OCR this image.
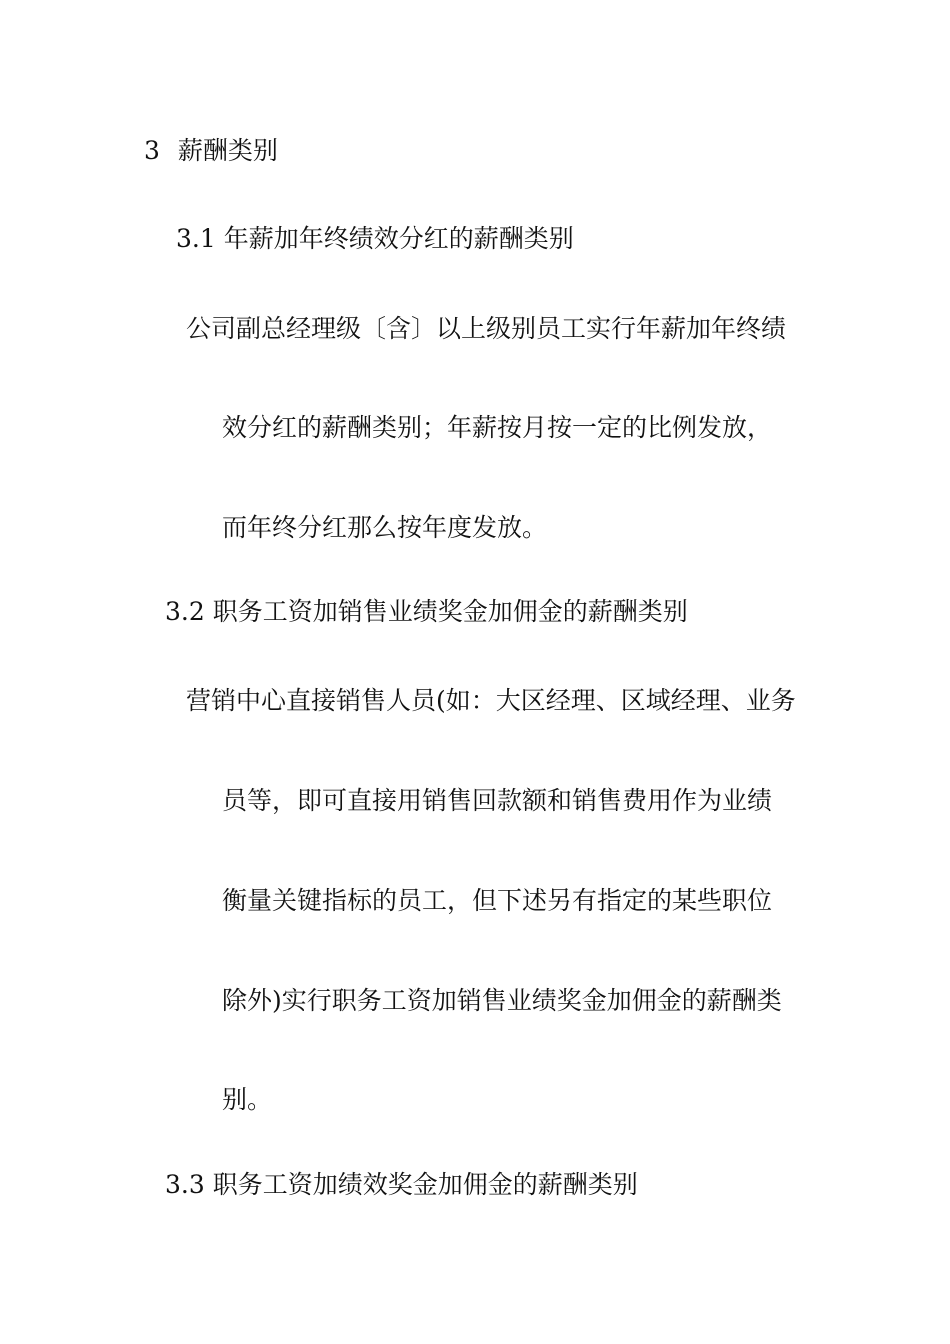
3 薪酬类别
3.1 年薪加年终绩效分红的薪酬类别
公司副总经理级〔含〕以上级别员工实行年薪加年终绩
效分红的薪酬类别；年薪按月按一定的比例发放，
而年终分红那么按年度发放。
3.2 职务工资加销售业绩奖金加佣金的薪酬类别
营销中心直接销售人员(如：大区经理、区域经理、业务
员等，即可直接用销售回款额和销售费用作为业绩
衡量关键指标的员工，但下述另有指定的某些职位
除外)实行职务工资加销售业绩奖金加佣金的薪酬类
别。
3.3 职务工资加绩效奖金加佣金的薪酬类别
